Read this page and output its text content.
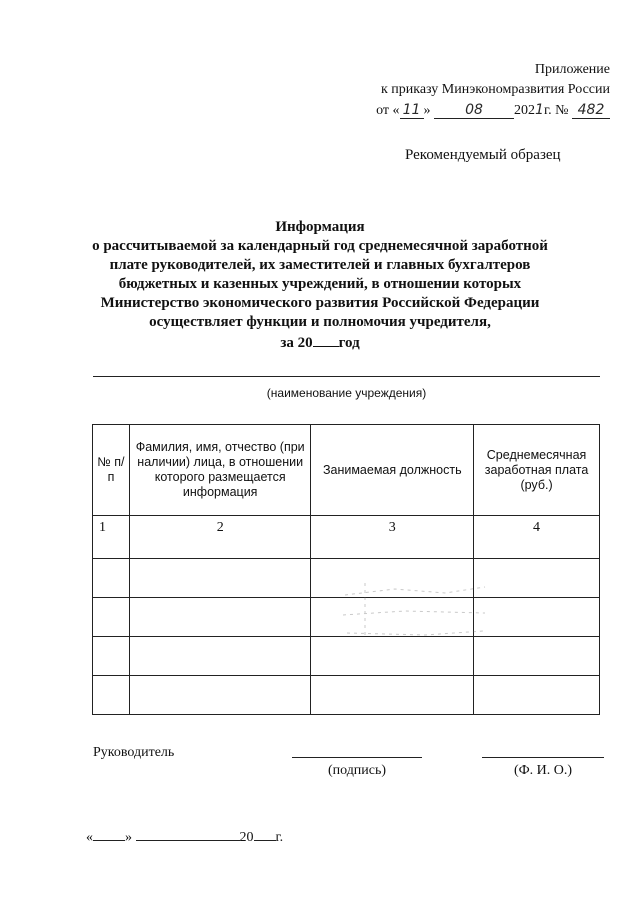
Приложение
к приказу Минэкономразвития России
от « 11 » 08 2021г. № 482
Рекомендуемый образец
Информация
о рассчитываемой за календарный год среднемесячной заработной
плате руководителей, их заместителей и главных бухгалтеров
бюджетных и казенных учреждений, в отношении которых
Министерство экономического развития Российской Федерации
осуществляет функции и полномочия учредителя,
за 20 год
(наименование учреждения)
№ п/п	Фамилия, имя, отчество (при наличии) лица, в отношении которого размещается информация	Занимаемая должность	Среднемесячная заработная плата (руб.)
1	2	3	4

Руководитель
(подпись)	(Ф. И. О.)
« »	20 г.
